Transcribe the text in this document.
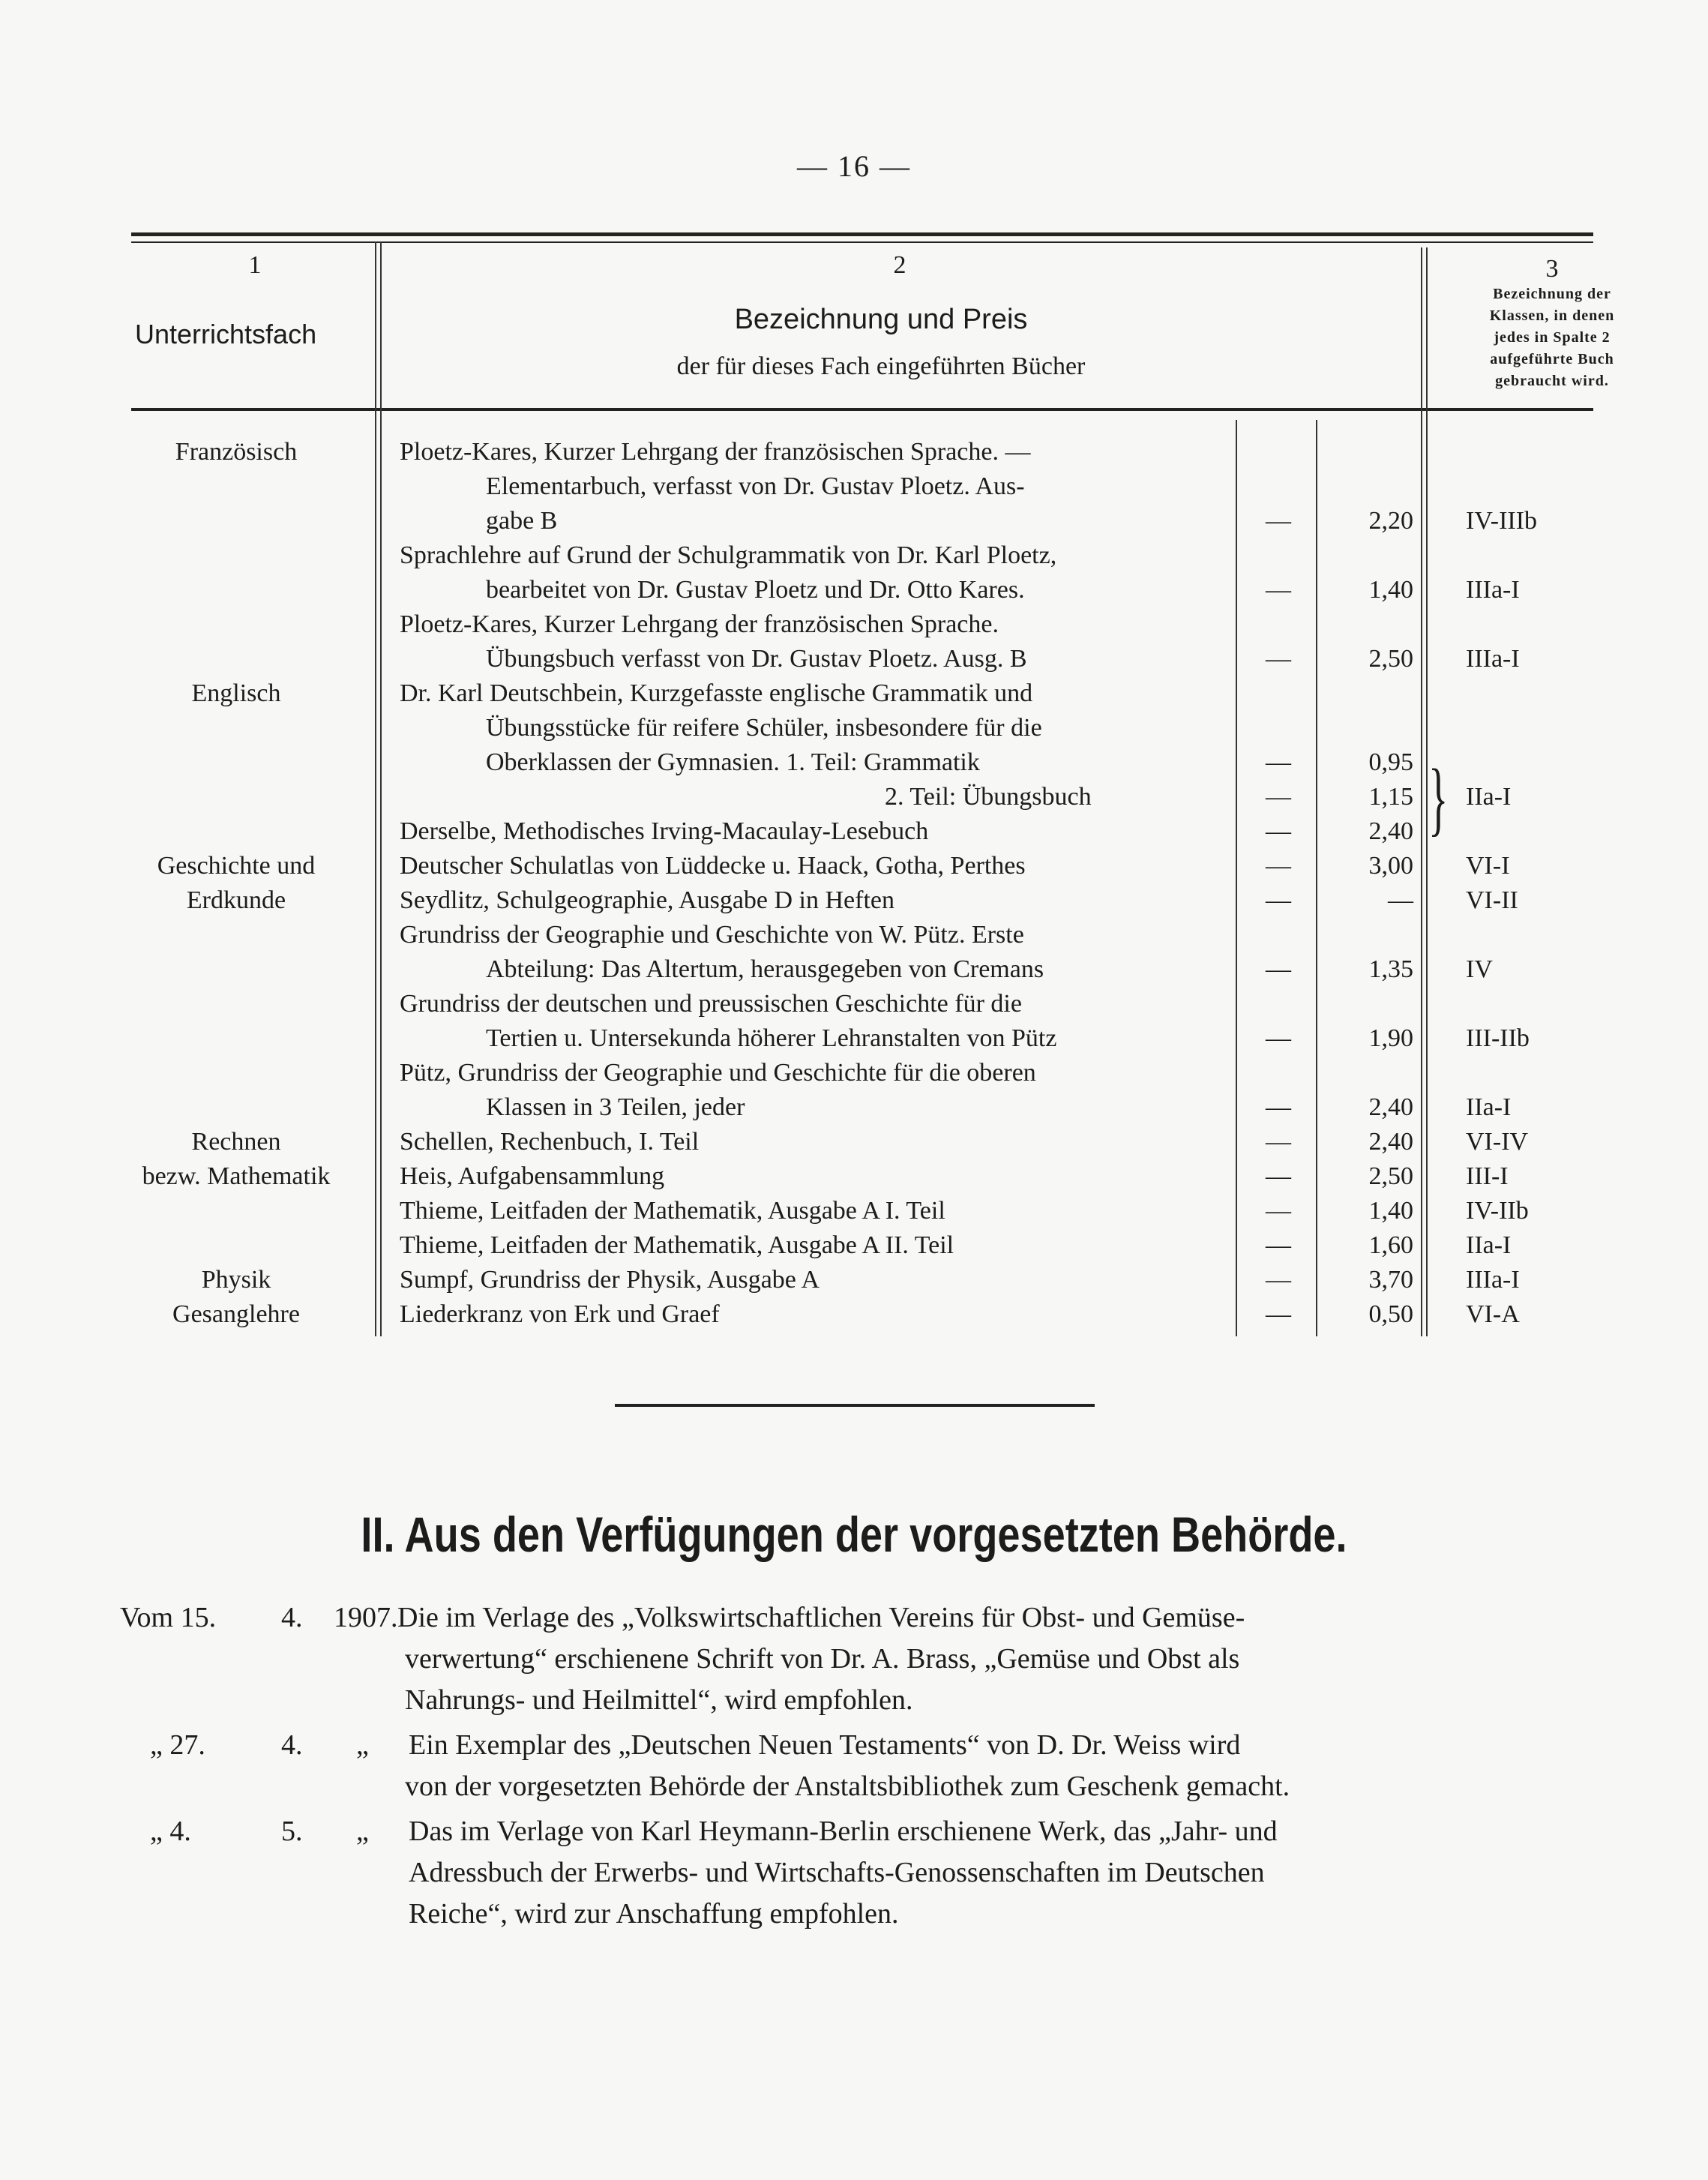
— 16 —
1	2	3
Unterrichtsfach	Bezeichnung und Preis
der für dieses Fach eingeführten Bücher
Bezeichnung der
Klassen, in denen
jedes in Spalte 2
aufgeführte Buch
gebraucht wird.
Französisch	Ploetz-Kares, Kurzer Lehrgang der französischen Sprache. —
Elementarbuch, verfasst von Dr. Gustav Ploetz. Aus-
gabe B	—	2,20 IV-IIIb
Sprachlehre auf Grund der Schulgrammatik von Dr. Karl Ploetz,
bearbeitet von Dr. Gustav Ploetz und Dr. Otto Kares.	—	1,40 IIIa-I
Ploetz-Kares, Kurzer Lehrgang der französischen Sprache.
Übungsbuch verfasst von Dr. Gustav Ploetz. Ausg. B	—	2,50 IIIa-I
Englisch	Dr. Karl Deutschbein, Kurzgefasste englische Grammatik und
Übungsstücke für reifere Schüler, insbesondere für die
Oberklassen der Gymnasien. 1. Teil: Grammatik	—	0,95
2. Teil: Übungsbuch	—	1,15 IIa-I
Derselbe, Methodisches Irving-Macaulay-Lesebuch	—	2,40
Geschichte und	Deutscher Schulatlas von Lüddecke u. Haack, Gotha, Perthes	—	3,00 VI-I
Erdkunde	Seydlitz, Schulgeographie, Ausgabe D in Heften	—	— VI-II
Grundriss der Geographie und Geschichte von W. Pütz. Erste
Abteilung: Das Altertum, herausgegeben von Cremans	—	1,35 IV
Grundriss der deutschen und preussischen Geschichte für die
Tertien u. Untersekunda höherer Lehranstalten von Pütz	—	1,90 III-IIb
Pütz, Grundriss der Geographie und Geschichte für die oberen
Klassen in 3 Teilen, jeder	—	2,40 IIa-I
Rechnen	Schellen, Rechenbuch, I. Teil	—	2,40 VI-IV
bezw. Mathematik	Heis, Aufgabensammlung	—	2,50 III-I
Thieme, Leitfaden der Mathematik, Ausgabe A I. Teil	—	1,40 IV-IIb
Thieme, Leitfaden der Mathematik, Ausgabe A II. Teil	—	1,60 IIa-I
Physik	Sumpf, Grundriss der Physik, Ausgabe A	—	3,70 IIIa-I
Gesanglehre	Liederkranz von Erk und Graef	—	0,50 VI-A
}
II. Aus den Verfügungen der vorgesetzten Behörde.
Vom 15. 4. 1907. Die im Verlage des „Volkswirtschaftlichen Vereins für Obst- und Gemüse-
verwertung“ erschienene Schrift von Dr. A. Brass, „Gemüse und Obst als
Nahrungs- und Heilmittel“, wird empfohlen.
„ 27.	4. „ Ein Exemplar des „Deutschen Neuen Testaments“ von D. Dr. Weiss wird
von der vorgesetzten Behörde der Anstaltsbibliothek zum Geschenk gemacht.
„ 4.	5. „ Das im Verlage von Karl Heymann-Berlin erschienene Werk, das „Jahr- und
Adressbuch der Erwerbs- und Wirtschafts-Genossenschaften im Deutschen
Reiche“, wird zur Anschaffung empfohlen.
